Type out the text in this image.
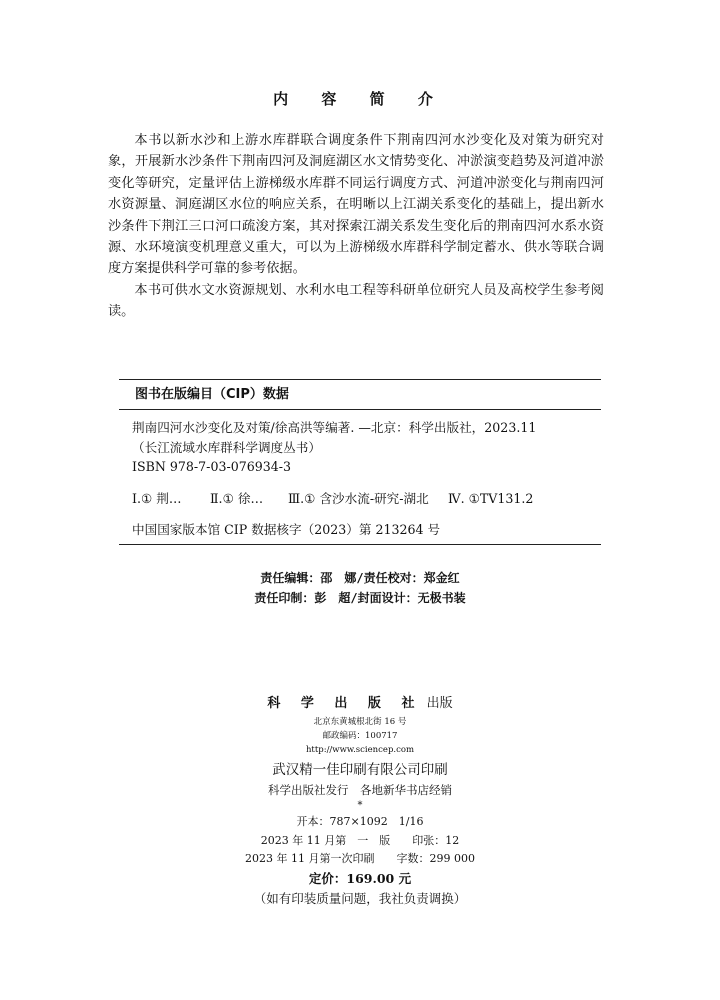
内 容 简 介

本书以新水沙和上游水库群联合调度条件下荆南四河水沙变化及对策为研究对象，开展新水沙条件下荆南四河及洞庭湖区水文情势变化、冲淤演变趋势及河道冲淤变化等研究，定量评估上游梯级水库群不同运行调度方式、河道冲淤变化与荆南四河水资源量、洞庭湖区水位的响应关系，在明晰以上江湖关系变化的基础上，提出新水沙条件下荆江三口河口疏浚方案，其对探索江湖关系发生变化后的荆南四河水系水资源、水环境演变机理意义重大，可以为上游梯级水库群科学制定蓄水、供水等联合调度方案提供科学可靠的参考依据。

本书可供水文水资源规划、水利水电工程等科研单位研究人员及高校学生参考阅读。

图书在版编目（CIP）数据
荆南四河水沙变化及对策/徐高洪等编著. —北京：科学出版社，2023.11
（长江流域水库群科学调度丛书）
ISBN 978-7-03-076934-3
Ⅰ.① 荆…	Ⅱ.① 徐…	Ⅲ.① 含沙水流-研究-湖北	Ⅳ. ①TV131.2
中国国家版本馆 CIP 数据核字（2023）第 213264 号
责任编辑：邵　娜/责任校对：郑金红
责任印制：彭　超/封面设计：无极书装
科 学 出 版 社 出版
北京东黄城根北街 16 号
邮政编码：100717
http://www.sciencep.com
武汉精一佳印刷有限公司印刷
科学出版社发行　各地新华书店经销
*
开本：787×1092　1/16
2023 年 11 月第　一　版　　印张：12
2023 年 11 月第一次印刷　　字数：299 000
定价：169.00 元
（如有印装质量问题，我社负责调换）
